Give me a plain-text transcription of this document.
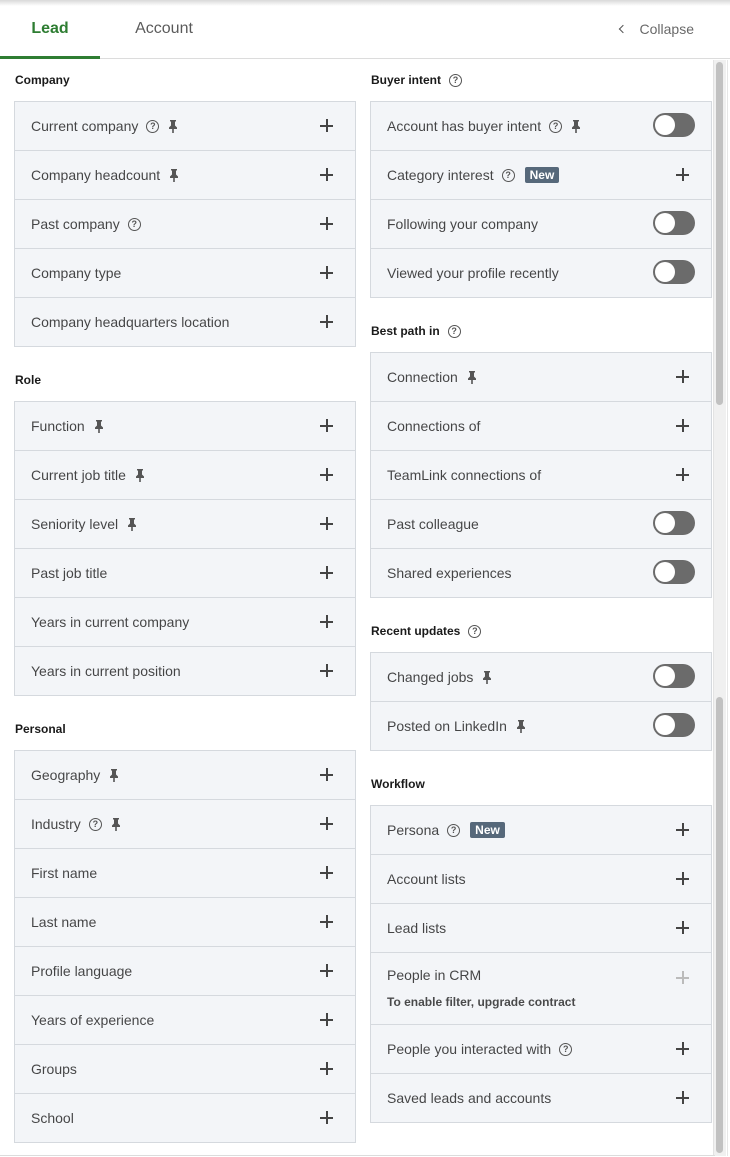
Lead	Account	Collapse
Company
Current company	?
Company headcount
Past company	?
Company type
Company headquarters location
Role
Function
Current job title
Seniority level
Past job title
Years in current company
Years in current position
Personal
Geography
Industry	?
First name
Last name
Profile language
Years of experience
Groups
School
Buyer intent	?
Account has buyer intent	?
Category interest	?	New
Following your company
Viewed your profile recently
Best path in	?
Connection
Connections of
TeamLink connections of
Past colleague
Shared experiences
Recent updates	?
Changed jobs
Posted on LinkedIn
Workflow
Persona	?	New
Account lists
Lead lists
People in CRM
To enable filter, upgrade contract
People you interacted with	?
Saved leads and accounts
